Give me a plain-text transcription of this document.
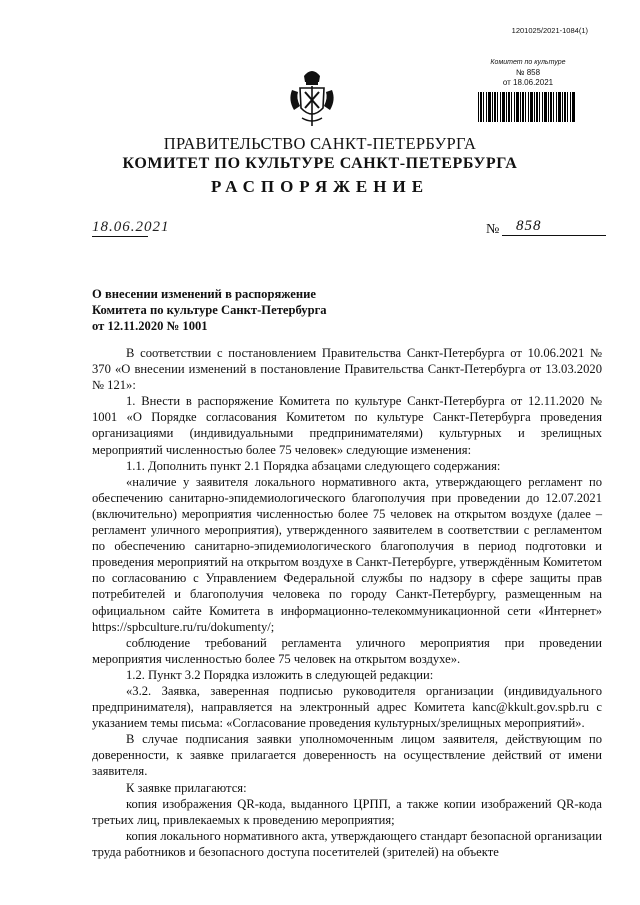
1201025/2021-1084(1)
Комитет по культуре
№ 858
от 18.06.2021
ПРАВИТЕЛЬСТВО САНКТ-ПЕТЕРБУРГА
КОМИТЕТ ПО КУЛЬТУРЕ САНКТ-ПЕТЕРБУРГА
РАСПОРЯЖЕНИЕ
18.06.2021	№	858
О внесении изменений в распоряжение
Комитета по культуре Санкт-Петербурга
от 12.11.2020 № 1001

В соответствии с постановлением Правительства Санкт-Петербурга от 10.06.2021 № 370 «О внесении изменений в постановление Правительства Санкт-Петербурга от 13.03.2020 № 121»:

1. Внести в распоряжение Комитета по культуре Санкт-Петербурга от 12.11.2020 № 1001 «О Порядке согласования Комитетом по культуре Санкт-Петербурга проведения организациями (индивидуальными предпринимателями) культурных и зрелищных мероприятий численностью более 75 человек» следующие изменения:

1.1. Дополнить пункт 2.1 Порядка абзацами следующего содержания:

«наличие у заявителя локального нормативного акта, утверждающего регламент по обеспечению санитарно-эпидемиологического благополучия при проведении до 12.07.2021 (включительно) мероприятия численностью более 75 человек на открытом воздухе (далее – регламент уличного мероприятия), утвержденного заявителем в соответствии с регламентом по обеспечению санитарно-эпидемиологического благополучия в период подготовки и проведения мероприятий на открытом воздухе в Санкт-Петербурге, утверждённым Комитетом по согласованию с Управлением Федеральной службы по надзору в сфере защиты прав потребителей и благополучия человека по городу Санкт-Петербургу, размещенным на официальном сайте Комитета в информационно-телекоммуникационной сети «Интернет» https://spbculture.ru/ru/dokumenty/;

соблюдение требований регламента уличного мероприятия при проведении мероприятия численностью более 75 человек на открытом воздухе».

1.2. Пункт 3.2 Порядка изложить в следующей редакции:

«3.2. Заявка, заверенная подписью руководителя организации (индивидуального предпринимателя), направляется на электронный адрес Комитета kanc@kkult.gov.spb.ru с указанием темы письма: «Согласование проведения культурных/зрелищных мероприятий».

В случае подписания заявки уполномоченным лицом заявителя, действующим по доверенности, к заявке прилагается доверенность на осуществление действий от имени заявителя.

К заявке прилагаются:

копия изображения QR-кода, выданного ЦРПП, а также копии изображений QR-кода третьих лиц, привлекаемых к проведению мероприятия;

копия локального нормативного акта, утверждающего стандарт безопасной организации труда работников и безопасного доступа посетителей (зрителей) на объекте
